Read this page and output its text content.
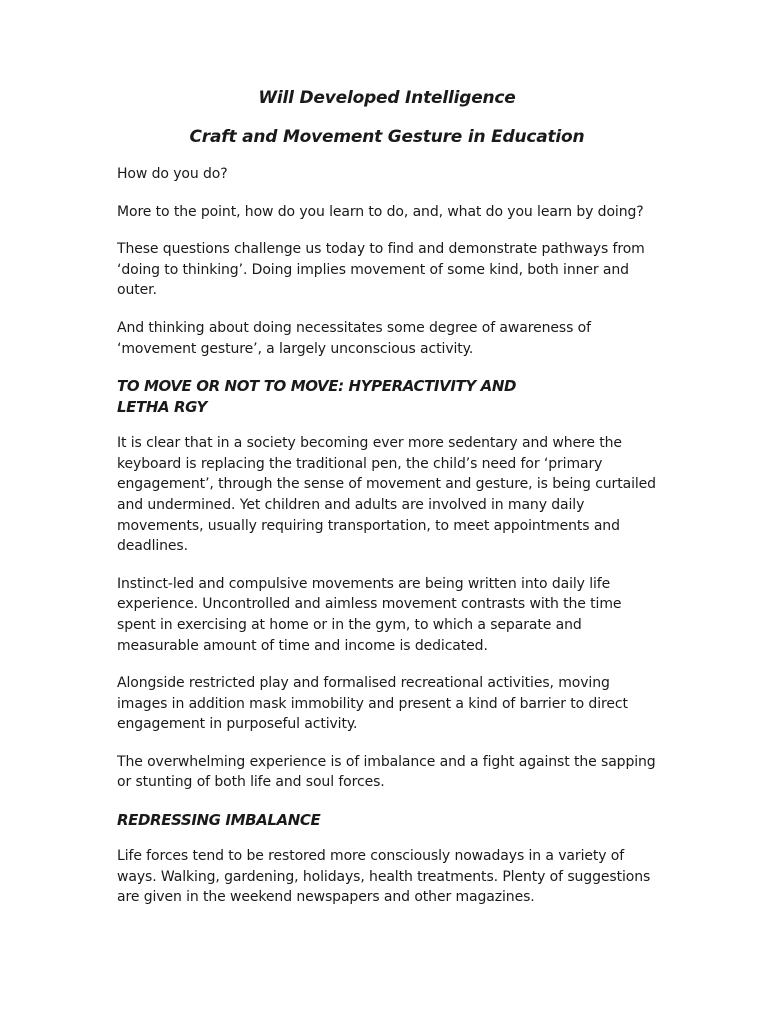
Will Developed Intelligence
Craft and Movement Gesture in Education

How do you do?

More to the point, how do you learn to do, and, what do you learn by doing?

These questions challenge us today to find and demonstrate pathways from ‘doing to thinking’. Doing implies movement of some kind, both inner and outer.

And thinking about doing necessitates some degree of awareness of ‘movement gesture’, a largely unconscious activity.

TO MOVE OR NOT TO MOVE: HYPERACTIVITY AND LETHA RGY

It is clear that in a society becoming ever more sedentary and where the keyboard is replacing the traditional pen, the child’s need for ‘primary engagement’, through the sense of movement and gesture, is being curtailed and undermined. Yet children and adults are involved in many daily movements, usually requiring transportation, to meet appointments and deadlines.

Instinct-led and compulsive movements are being written into daily life experience. Uncontrolled and aimless movement contrasts with the time spent in exercising at home or in the gym, to which a separate and measurable amount of time and income is dedicated.

Alongside restricted play and formalised recreational activities, moving images in addition mask immobility and present a kind of barrier to direct engagement in purposeful activity.

The overwhelming experience is of imbalance and a fight against the sapping or stunting of both life and soul forces.

REDRESSING IMBALANCE

Life forces tend to be restored more consciously nowadays in a variety of ways. Walking, gardening, holidays, health treatments. Plenty of suggestions are given in the weekend newspapers and other magazines.
